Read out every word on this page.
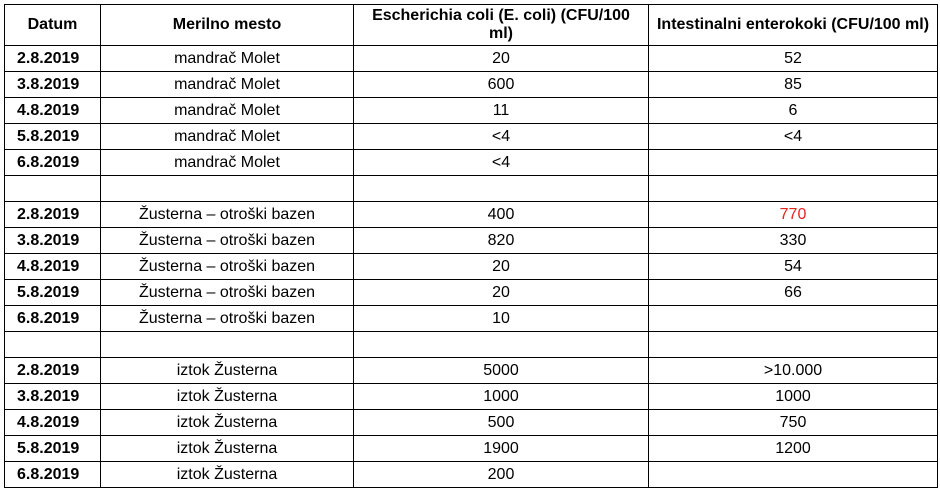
Datum	Merilno mesto	Escherichia coli (E. coli) (CFU/100 ml)	Intestinalni enterokoki (CFU/100 ml)
2.8.2019	mandrač Molet	20	52
3.8.2019	mandrač Molet	600	85
4.8.2019	mandrač Molet	11	6
5.8.2019	mandrač Molet	<4	<4
6.8.2019	mandrač Molet	<4	

2.8.2019	Žusterna – otroški bazen	400	770
3.8.2019	Žusterna – otroški bazen	820	330
4.8.2019	Žusterna – otroški bazen	20	54
5.8.2019	Žusterna – otroški bazen	20	66
6.8.2019	Žusterna – otroški bazen	10	

2.8.2019	iztok Žusterna	5000	>10.000
3.8.2019	iztok Žusterna	1000	1000
4.8.2019	iztok Žusterna	500	750
5.8.2019	iztok Žusterna	1900	1200
6.8.2019	iztok Žusterna	200	
